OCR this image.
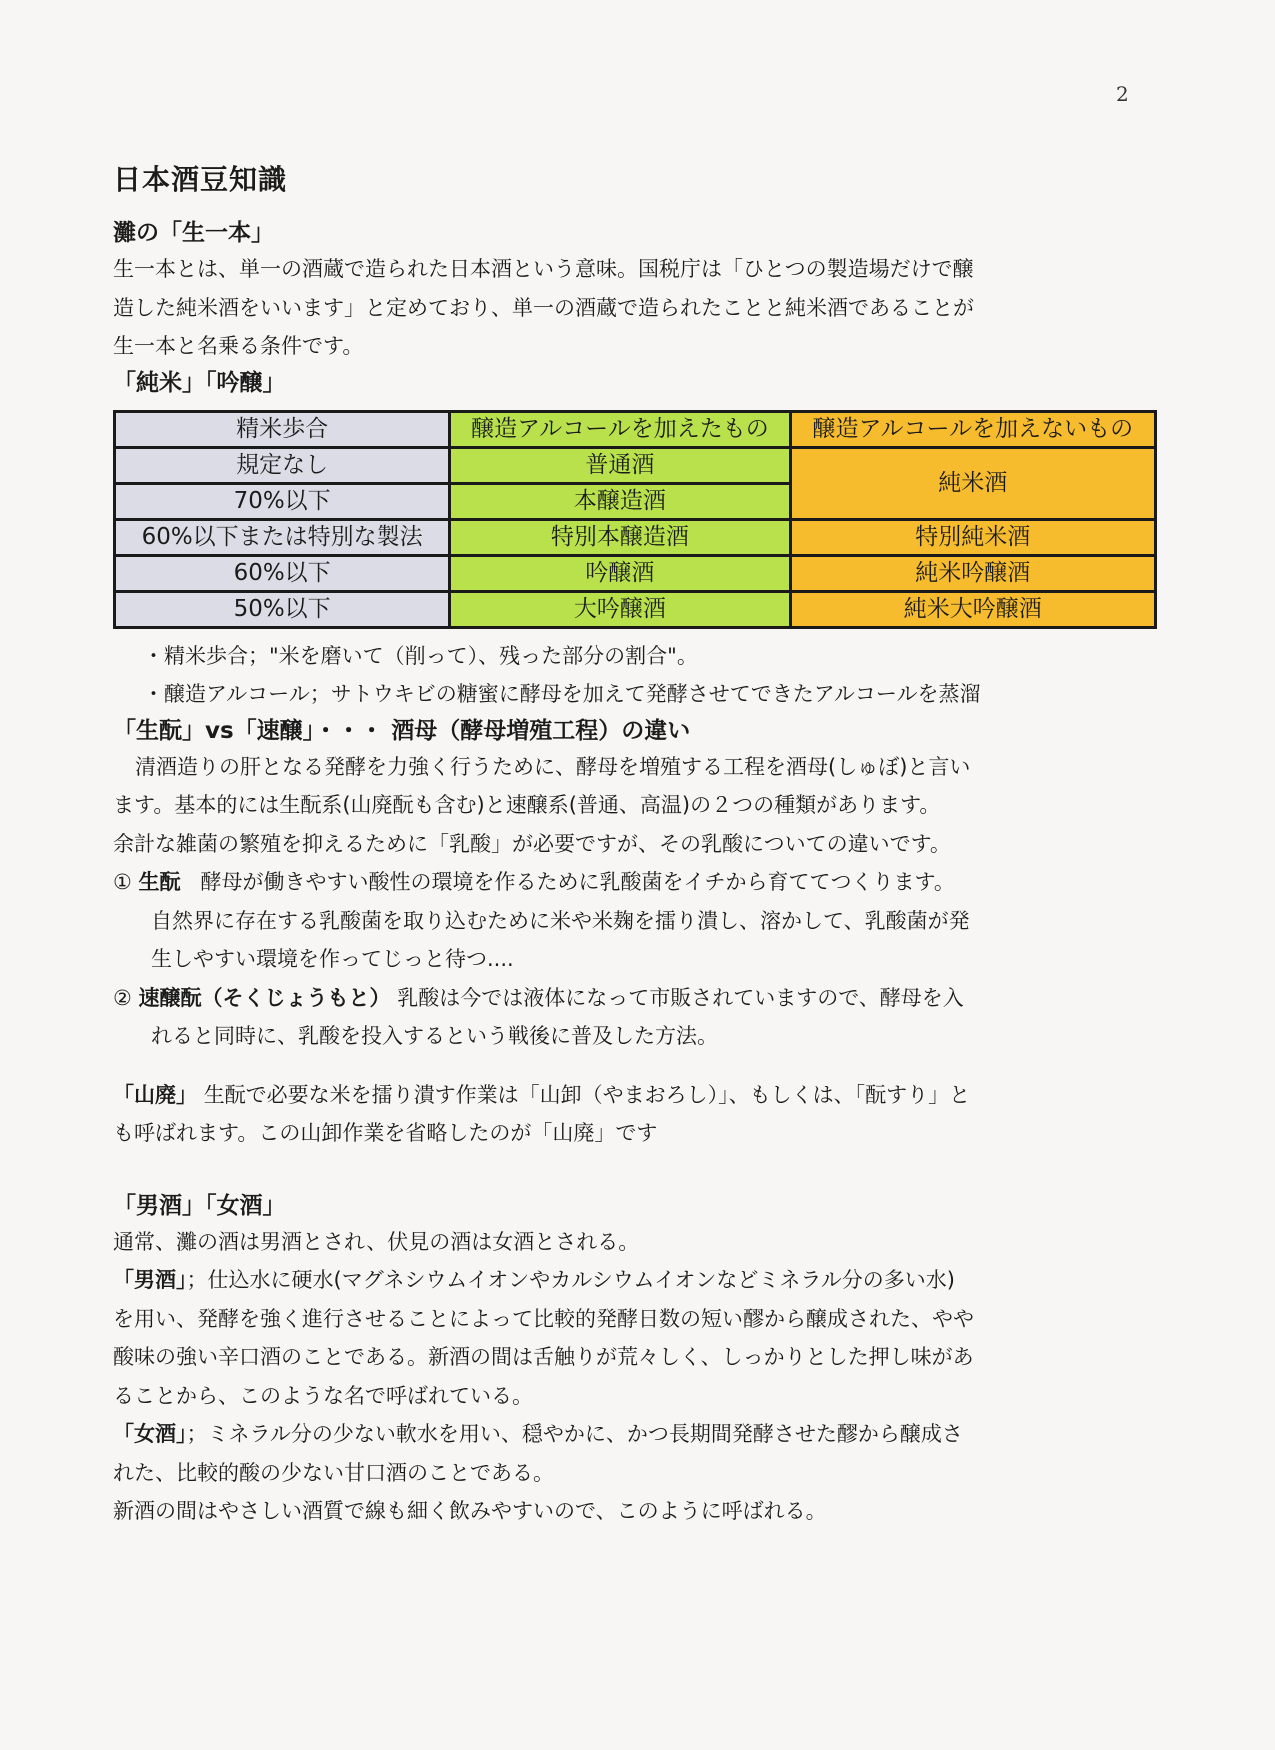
2
日本酒豆知識
灘の「生一本」

生一本とは、単一の酒蔵で造られた日本酒という意味。国税庁は「ひとつの製造場だけで醸

造した純米酒をいいます」と定めており、単一の酒蔵で造られたことと純米酒であることが

生一本と名乗る条件です。

「純米」「吟醸」
精米歩合	醸造アルコールを加えたもの	醸造アルコールを加えないもの
規定なし	普通酒	純米酒
70%以下	本醸造酒	
60%以下または特別な製法	特別本醸造酒	特別純米酒
60%以下	吟醸酒	純米吟醸酒
50%以下	大吟醸酒	純米大吟醸酒

・精米歩合；"米を磨いて（削って）、残った部分の割合"。

・醸造アルコール；サトウキビの糖蜜に酵母を加えて発酵させてできたアルコールを蒸溜

「生酛」vs「速醸」・・・ 酒母（酵母増殖工程）の違い

清酒造りの肝となる発酵を力強く行うために、酵母を増殖する工程を酒母(しゅぼ)と言い

ます。基本的には生酛系(山廃酛も含む)と速醸系(普通、高温)の２つの種類があります。

余計な雑菌の繁殖を抑えるために「乳酸」が必要ですが、その乳酸についての違いです。

① 生酛 酵母が働きやすい酸性の環境を作るために乳酸菌をイチから育ててつくります。

自然界に存在する乳酸菌を取り込むために米や米麹を擂り潰し、溶かして、乳酸菌が発

生しやすい環境を作ってじっと待つ....

② 速醸酛（そくじょうもと） 乳酸は今では液体になって市販されていますので、酵母を入

れると同時に、乳酸を投入するという戦後に普及した方法。

「山廃」 生酛で必要な米を擂り潰す作業は「山卸（やまおろし）」、もしくは、「酛すり」と

も呼ばれます。この山卸作業を省略したのが「山廃」です

「男酒」「女酒」

通常、灘の酒は男酒とされ、伏見の酒は女酒とされる。

「男酒」；仕込水に硬水(マグネシウムイオンやカルシウムイオンなどミネラル分の多い水)

を用い、発酵を強く進行させることによって比較的発酵日数の短い醪から醸成された、やや

酸味の強い辛口酒のことである。新酒の間は舌触りが荒々しく、しっかりとした押し味があ

ることから、このような名で呼ばれている。

「女酒」；ミネラル分の少ない軟水を用い、穏やかに、かつ長期間発酵させた醪から醸成さ

れた、比較的酸の少ない甘口酒のことである。

新酒の間はやさしい酒質で線も細く飲みやすいので、このように呼ばれる。
